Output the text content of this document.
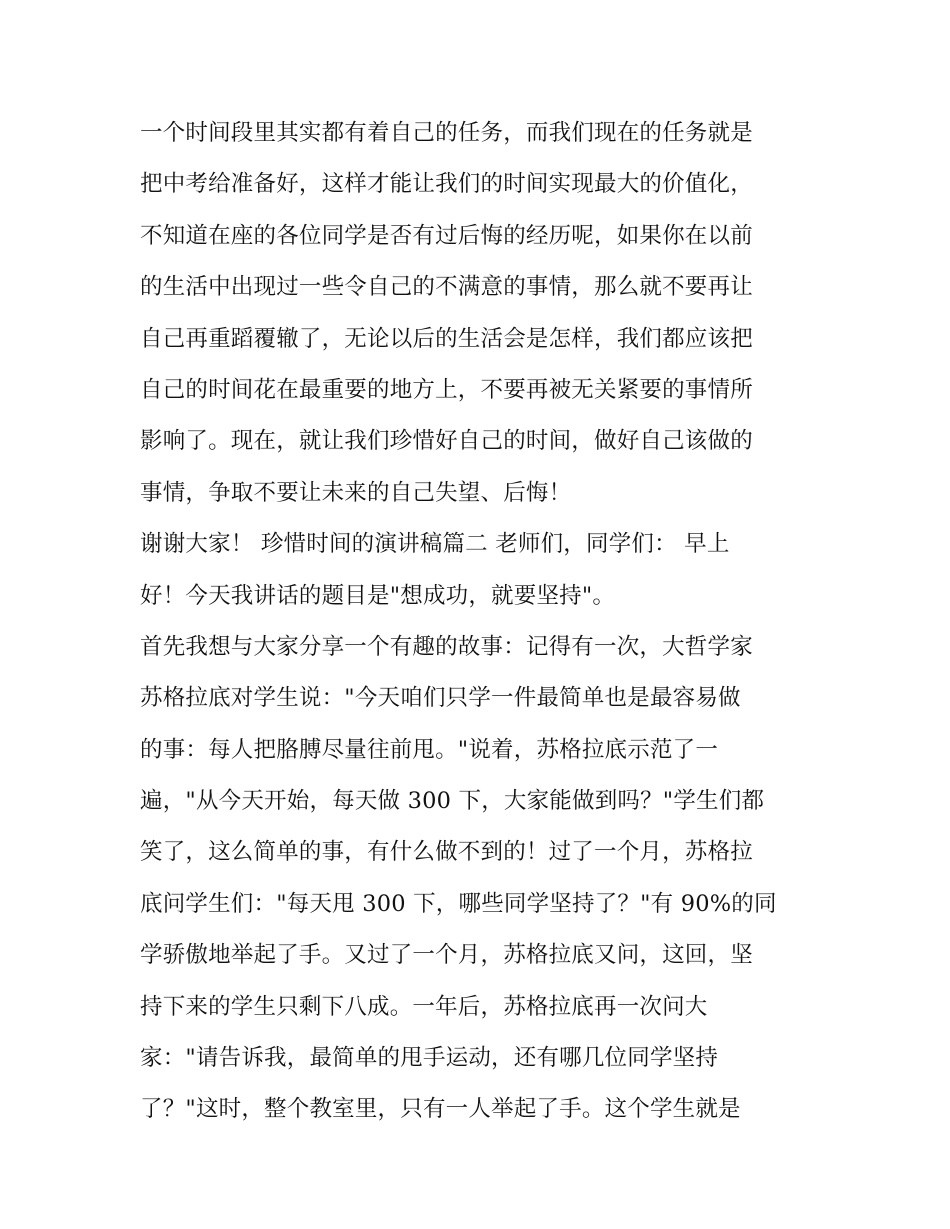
一个时间段里其实都有着自己的任务，而我们现在的任务就是
把中考给准备好，这样才能让我们的时间实现最大的价值化，
不知道在座的各位同学是否有过后悔的经历呢，如果你在以前
的生活中出现过一些令自己的不满意的事情，那么就不要再让
自己再重蹈覆辙了，无论以后的生活会是怎样，我们都应该把
自己的时间花在最重要的地方上，不要再被无关紧要的事情所
影响了。现在，就让我们珍惜好自己的时间，做好自己该做的
事情，争取不要让未来的自己失望、后悔！
谢谢大家！ 珍惜时间的演讲稿篇二 老师们，同学们： 早上
好！今天我讲话的题目是"想成功，就要坚持"。
首先我想与大家分享一个有趣的故事：记得有一次，大哲学家
苏格拉底对学生说："今天咱们只学一件最简单也是最容易做
的事：每人把胳膊尽量往前甩。"说着，苏格拉底示范了一
遍，"从今天开始，每天做 300 下，大家能做到吗？"学生们都
笑了，这么简单的事，有什么做不到的！过了一个月，苏格拉
底问学生们："每天甩 300 下，哪些同学坚持了？"有 90%的同
学骄傲地举起了手。又过了一个月，苏格拉底又问，这回，坚
持下来的学生只剩下八成。一年后，苏格拉底再一次问大
家："请告诉我，最简单的甩手运动，还有哪几位同学坚持
了？"这时，整个教室里，只有一人举起了手。这个学生就是
